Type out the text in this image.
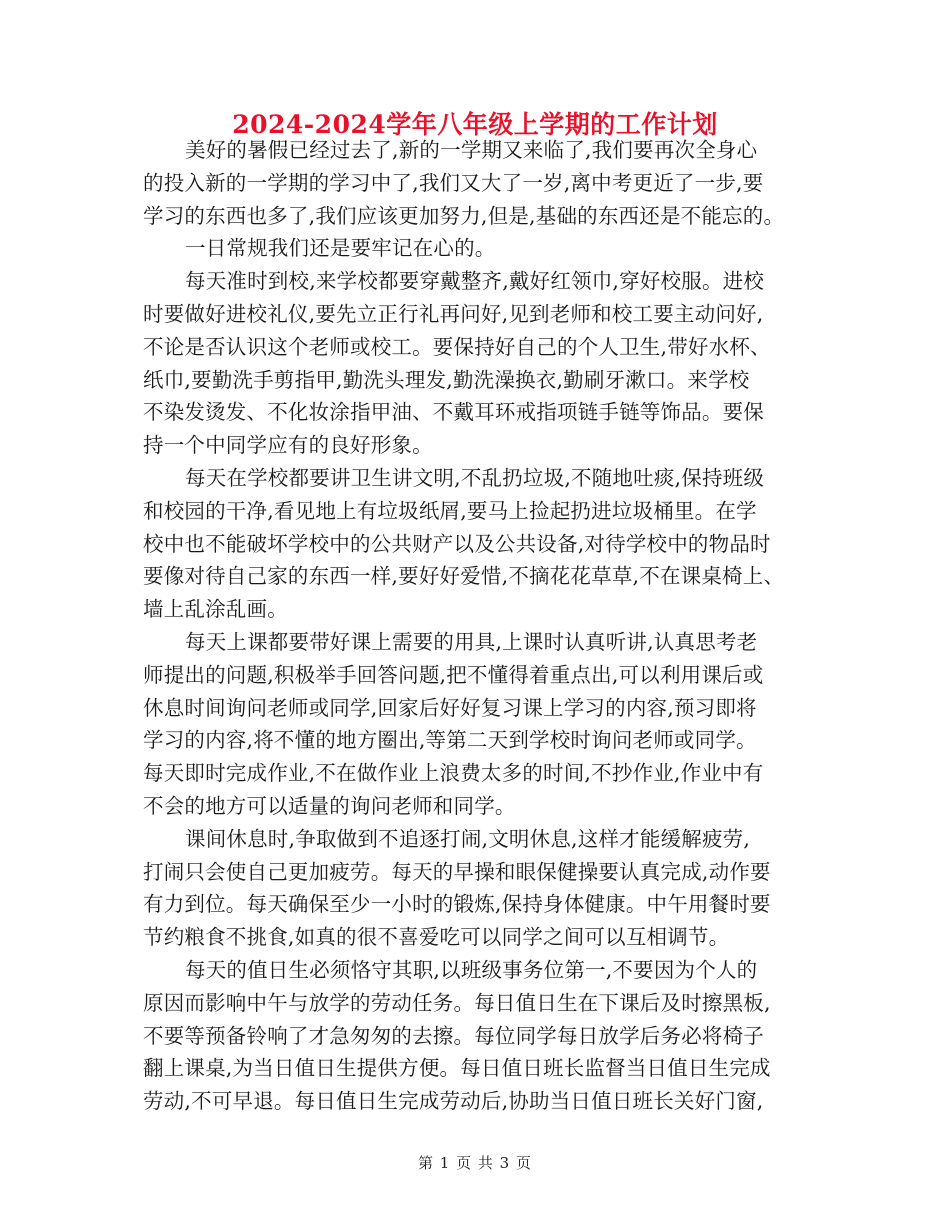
2024-2024学年八年级上学期的工作计划
美好的暑假已经过去了,新的一学期又来临了,我们要再次全身心
的投入新的一学期的学习中了,我们又大了一岁,离中考更近了一步,要
学习的东西也多了,我们应该更加努力,但是,基础的东西还是不能忘的。
一日常规我们还是要牢记在心的。
每天准时到校,来学校都要穿戴整齐,戴好红领巾,穿好校服。进校
时要做好进校礼仪,要先立正行礼再问好,见到老师和校工要主动问好,
不论是否认识这个老师或校工。要保持好自己的个人卫生,带好水杯、
纸巾,要勤洗手剪指甲,勤洗头理发,勤洗澡换衣,勤刷牙漱口。来学校
不染发烫发、不化妆涂指甲油、不戴耳环戒指项链手链等饰品。要保
持一个中同学应有的良好形象。
每天在学校都要讲卫生讲文明,不乱扔垃圾,不随地吐痰,保持班级
和校园的干净,看见地上有垃圾纸屑,要马上捡起扔进垃圾桶里。在学
校中也不能破坏学校中的公共财产以及公共设备,对待学校中的物品时
要像对待自己家的东西一样,要好好爱惜,不摘花花草草,不在课桌椅上、
墙上乱涂乱画。
每天上课都要带好课上需要的用具,上课时认真听讲,认真思考老
师提出的问题,积极举手回答问题,把不懂得着重点出,可以利用课后或
休息时间询问老师或同学,回家后好好复习课上学习的内容,预习即将
学习的内容,将不懂的地方圈出,等第二天到学校时询问老师或同学。
每天即时完成作业,不在做作业上浪费太多的时间,不抄作业,作业中有
不会的地方可以适量的询问老师和同学。
课间休息时,争取做到不追逐打闹,文明休息,这样才能缓解疲劳,
打闹只会使自己更加疲劳。每天的早操和眼保健操要认真完成,动作要
有力到位。每天确保至少一小时的锻炼,保持身体健康。中午用餐时要
节约粮食不挑食,如真的很不喜爱吃可以同学之间可以互相调节。
每天的值日生必须恪守其职,以班级事务位第一,不要因为个人的
原因而影响中午与放学的劳动任务。每日值日生在下课后及时擦黑板,
不要等预备铃响了才急匆匆的去擦。每位同学每日放学后务必将椅子
翻上课桌,为当日值日生提供方便。每日值日班长监督当日值日生完成
劳动,不可早退。每日值日生完成劳动后,协助当日值日班长关好门窗,
第 1 页 共 3 页
